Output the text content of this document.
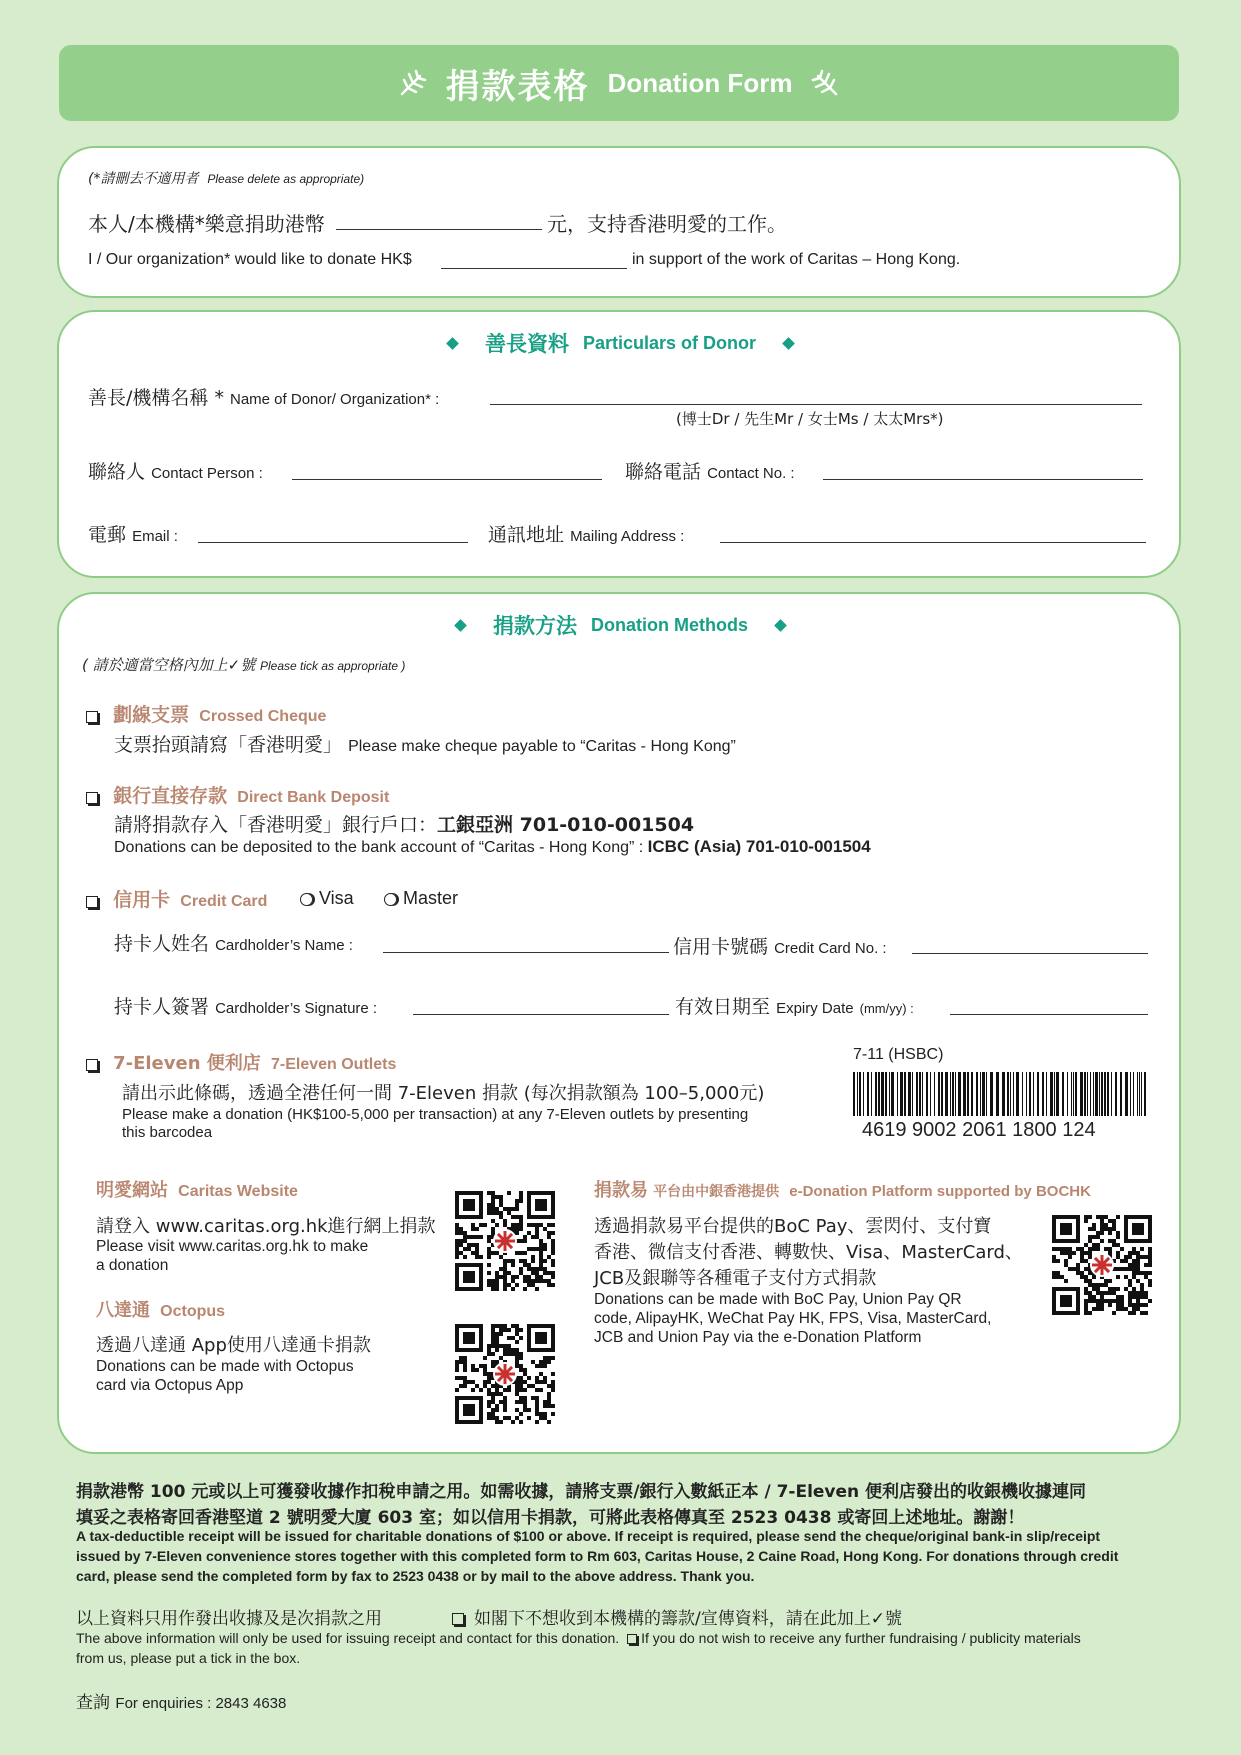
捐款表格 Donation Form
(*請刪去不適用者 Please delete as appropriate)
本人/本機構*樂意捐助港幣	元，支持香港明愛的工作。
I / Our organization* would like to donate HK$	in support of the work of Caritas – Hong Kong.
善長資料 Particulars of Donor
善長/機構名稱 * Name of Donor/ Organization* :
(博士Dr / 先生Mr / 女士Ms / 太太Mrs*)
聯絡人 Contact Person :	聯絡電話 Contact No. :
電郵 Email :	通訊地址 Mailing Address :
捐款方法 Donation Methods
( 請於適當空格內加上✓號 Please tick as appropriate )
劃線支票 Crossed Cheque
支票抬頭請寫「香港明愛」 Please make cheque payable to “Caritas - Hong Kong”
銀行直接存款 Direct Bank Deposit
請將捐款存入「香港明愛」銀行戶口：工銀亞洲 701-010-001504
Donations can be deposited to the bank account of “Caritas - Hong Kong” : ICBC (Asia) 701-010-001504
信用卡 Credit Card	Visa	Master
持卡人姓名 Cardholder’s Name :	信用卡號碼 Credit Card No. :
持卡人簽署 Cardholder’s Signature :	有效日期至 Expiry Date (mm/yy) :
7-Eleven 便利店 7-Eleven Outlets
請出示此條碼，透過全港任何一間 7-Eleven 捐款 (每次捐款額為 100–5,000元)
Please make a donation (HK$100-5,000 per transaction) at any 7-Eleven outlets by presenting
this barcodea
7-11 (HSBC)
4619 9002 2061 1800 124
明愛網站 Caritas Website
請登入 www.caritas.org.hk進行網上捐款
Please visit www.caritas.org.hk to make
a donation
八達通 Octopus
透過八達通 App使用八達通卡捐款
Donations can be made with Octopus
card via Octopus App
捐款易 平台由中銀香港提供 e-Donation Platform supported by BOCHK
透過捐款易平台提供的BoC Pay、雲閃付、支付寶
香港、微信支付香港、轉數快、Visa、MasterCard、
JCB及銀聯等各種電子支付方式捐款
Donations can be made with BoC Pay, Union Pay QR
code, AlipayHK, WeChat Pay HK, FPS, Visa, MasterCard,
JCB and Union Pay via the e-Donation Platform
捐款港幣 100 元或以上可獲發收據作扣稅申請之用。如需收據，請將支票/銀行入數紙正本 / 7-Eleven 便利店發出的收銀機收據連同
填妥之表格寄回香港堅道 2 號明愛大廈 603 室；如以信用卡捐款，可將此表格傳真至 2523 0438 或寄回上述地址。謝謝！
A tax-deductible receipt will be issued for charitable donations of $100 or above. If receipt is required, please send the cheque/original bank-in slip/receipt
issued by 7-Eleven convenience stores together with this completed form to Rm 603, Caritas House, 2 Caine Road, Hong Kong. For donations through credit
card, please send the completed form by fax to 2523 0438 or by mail to the above address. Thank you.
以上資料只用作發出收據及是次捐款之用	如閣下不想收到本機構的籌款/宣傳資料，請在此加上✓號
The above information will only be used for issuing receipt and contact for this donation. If you do not wish to receive any further fundraising / publicity materials
from us, please put a tick in the box.
查詢 For enquiries : 2843 4638
